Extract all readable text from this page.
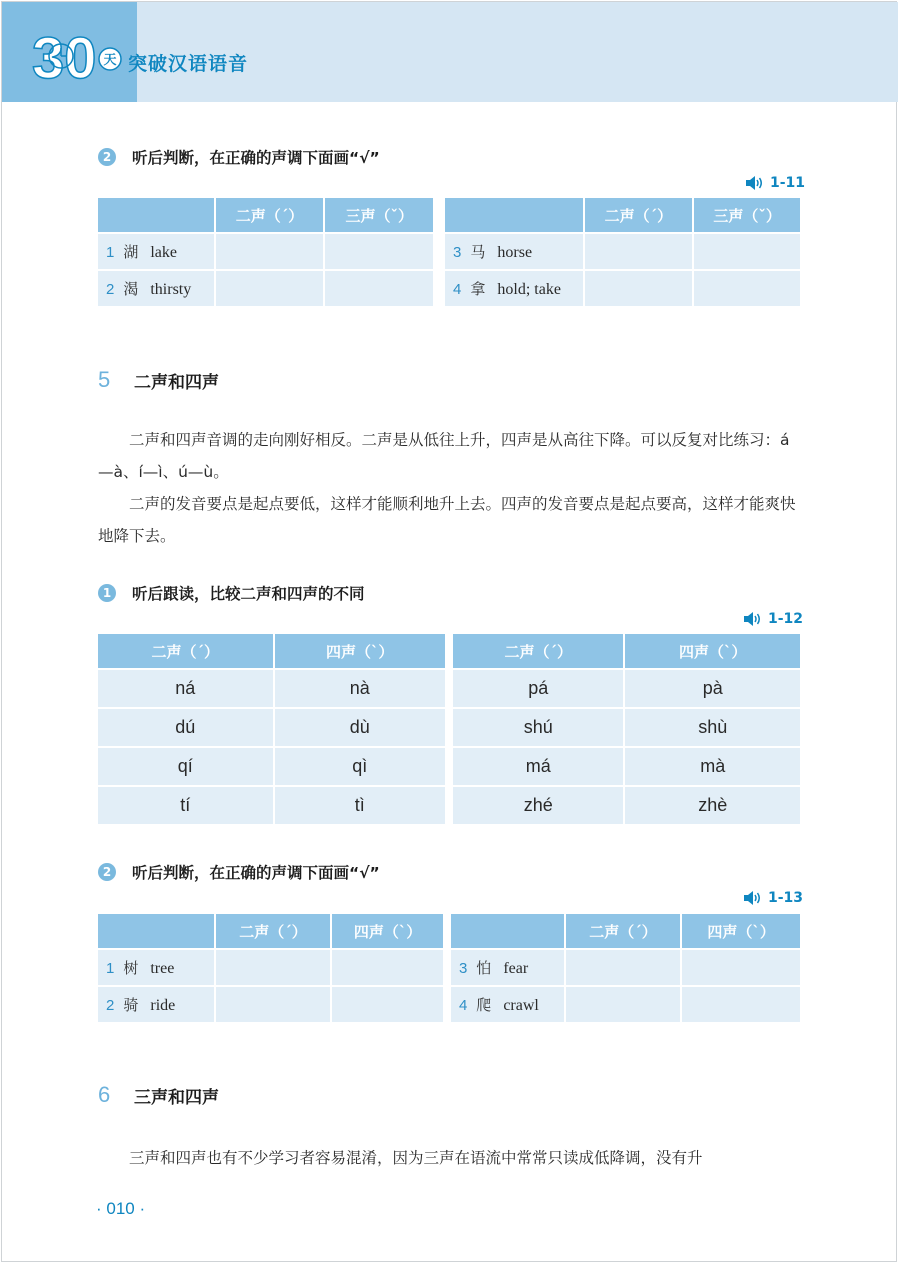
30 天 突破汉语语音
2	听后判断，在正确的声调下面画“√”
1-11
	二声（ˊ）	三声（ˇ）			二声（ˊ）	三声（ˇ）
1 湖 lake				3 马 horse		
2 渴 thirsty				4 拿 hold; take		
5	二声和四声

二声和四声音调的走向刚好相反。二声是从低往上升，四声是从高往下降。可以反复对比练习：á—à、í—ì、ú—ù。

二声的发音要点是起点要低，这样才能顺利地升上去。四声的发音要点是起点要高，这样才能爽快地降下去。

1	听后跟读，比较二声和四声的不同
1-12
二声（ˊ）	四声（ˋ）		二声（ˊ）	四声（ˋ）
ná	nà		pá	pà
dú	dù		shú	shù
qí	qì		má	mà
tí	tì		zhé	zhè
2	听后判断，在正确的声调下面画“√”
1-13
	二声（ˊ）	四声（ˋ）			二声（ˊ）	四声（ˋ）
1 树 tree				3 怕 fear		
2 骑 ride				4 爬 crawl		
6	三声和四声

三声和四声也有不少学习者容易混淆，因为三声在语流中常常只读成低降调，没有升

· 010 ·
